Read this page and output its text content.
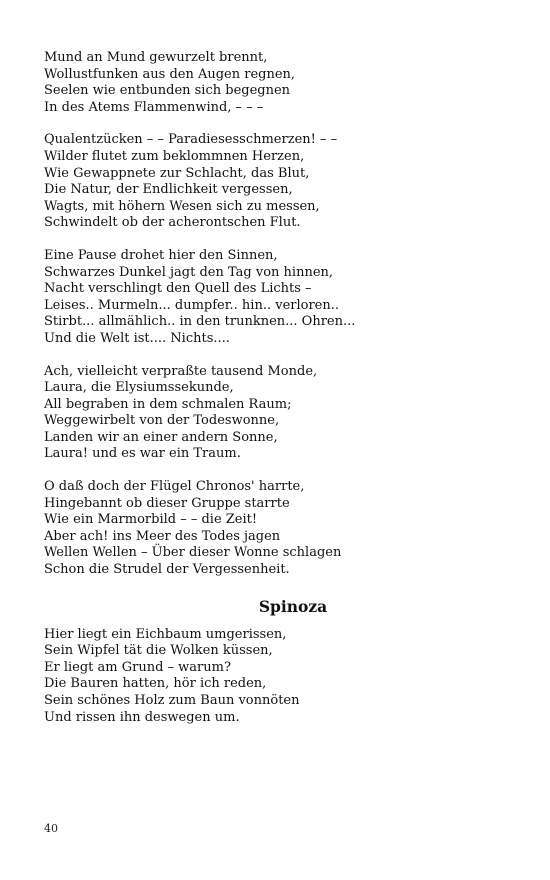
Mund an Mund gewurzelt brennt,
Wollustfunken aus den Augen regnen,
Seelen wie entbunden sich begegnen
In des Atems Flammenwind, – – –
Qualentzücken – – Paradiesesschmerzen! – –
Wilder flutet zum beklommnen Herzen,
Wie Gewappnete zur Schlacht, das Blut,
Die Natur, der Endlichkeit vergessen,
Wagts, mit höhern Wesen sich zu messen,
Schwindelt ob der acherontschen Flut.
Eine Pause drohet hier den Sinnen,
Schwarzes Dunkel jagt den Tag von hinnen,
Nacht verschlingt den Quell des Lichts –
Leises.. Murmeln... dumpfer.. hin.. verloren..
Stirbt... allmählich.. in den trunknen... Ohren...
Und die Welt ist.... Nichts....
Ach, vielleicht verpraßte tausend Monde,
Laura, die Elysiumssekunde,
All begraben in dem schmalen Raum;
Weggewirbelt von der Todeswonne,
Landen wir an einer andern Sonne,
Laura! und es war ein Traum.
O daß doch der Flügel Chronos' harrte,
Hingebannt ob dieser Gruppe starrte
Wie ein Marmorbild – – die Zeit!
Aber ach! ins Meer des Todes jagen
Wellen Wellen – Über dieser Wonne schlagen
Schon die Strudel der Vergessenheit.
Spinoza
Hier liegt ein Eichbaum umgerissen,
Sein Wipfel tät die Wolken küssen,
Er liegt am Grund – warum?
Die Bauren hatten, hör ich reden,
Sein schönes Holz zum Baun vonnöten
Und rissen ihn deswegen um.
40
